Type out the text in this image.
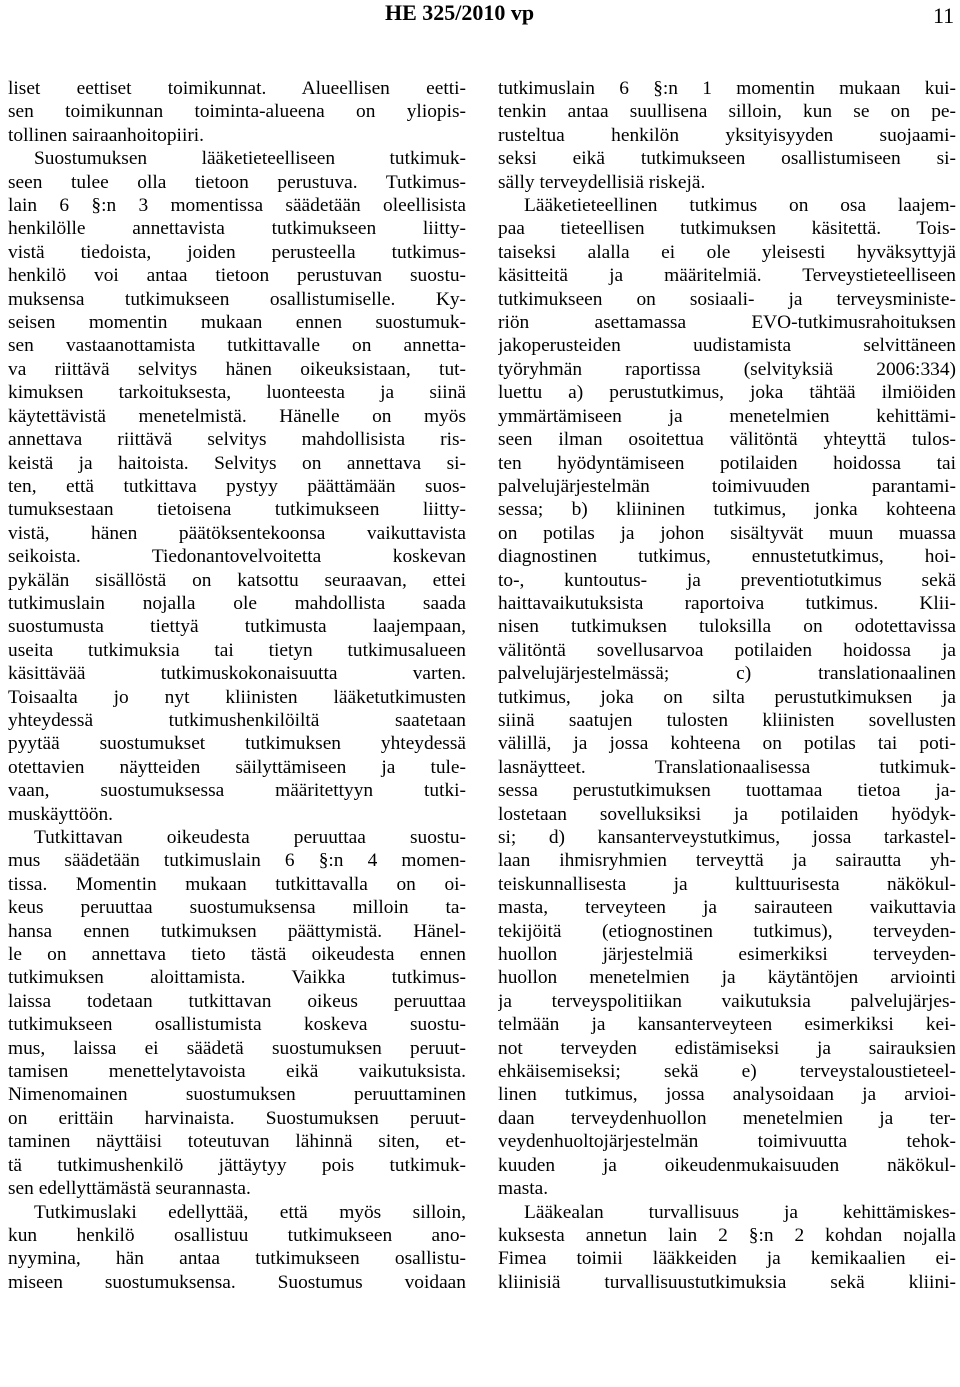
HE 325/2010 vp	11
liset eettiset toimikunnat. Alueellisen eetti-
sen toimikunnan toiminta-alueena on yliopis-
tollinen sairaanhoitopiiri.
Suostumuksen lääketieteelliseen tutkimuk-
seen tulee olla tietoon perustuva. Tutkimus-
lain 6 §:n 3 momentissa säädetään oleellisista
henkilölle annettavista tutkimukseen liitty-
vistä tiedoista, joiden perusteella tutkimus-
henkilö voi antaa tietoon perustuvan suostu-
muksensa tutkimukseen osallistumiselle. Ky-
seisen momentin mukaan ennen suostumuk-
sen vastaanottamista tutkittavalle on annetta-
va riittävä selvitys hänen oikeuksistaan, tut-
kimuksen tarkoituksesta, luonteesta ja siinä
käytettävistä menetelmistä. Hänelle on myös
annettava riittävä selvitys mahdollisista ris-
keistä ja haitoista. Selvitys on annettava si-
ten, että tutkittava pystyy päättämään suos-
tumuksestaan tietoisena tutkimukseen liitty-
vistä, hänen päätöksentekoonsa vaikuttavista
seikoista. Tiedonantovelvoitetta koskevan
pykälän sisällöstä on katsottu seuraavan, ettei
tutkimuslain nojalla ole mahdollista saada
suostumusta tiettyä tutkimusta laajempaan,
useita tutkimuksia tai tietyn tutkimusalueen
käsittävää tutkimuskokonaisuutta varten.
Toisaalta jo nyt kliinisten lääketutkimusten
yhteydessä tutkimushenkilöiltä saatetaan
pyytää suostumukset tutkimuksen yhteydessä
otettavien näytteiden säilyttämiseen ja tule-
vaan, suostumuksessa määritettyyn tutki-
muskäyttöön.
Tutkittavan oikeudesta peruuttaa suostu-
mus säädetään tutkimuslain 6 §:n 4 momen-
tissa. Momentin mukaan tutkittavalla on oi-
keus peruuttaa suostumuksensa milloin ta-
hansa ennen tutkimuksen päättymistä. Hänel-
le on annettava tieto tästä oikeudesta ennen
tutkimuksen aloittamista. Vaikka tutkimus-
laissa todetaan tutkittavan oikeus peruuttaa
tutkimukseen osallistumista koskeva suostu-
mus, laissa ei säädetä suostumuksen peruut-
tamisen menettelytavoista eikä vaikutuksista.
Nimenomainen suostumuksen peruuttaminen
on erittäin harvinaista. Suostumuksen peruut-
taminen näyttäisi toteutuvan lähinnä siten, et-
tä tutkimushenkilö jättäytyy pois tutkimuk-
sen edellyttämästä seurannasta.
Tutkimuslaki edellyttää, että myös silloin,
kun henkilö osallistuu tutkimukseen ano-
nyymina, hän antaa tutkimukseen osallistu-
miseen suostumuksensa. Suostumus voidaan
tutkimuslain 6 §:n 1 momentin mukaan kui-
tenkin antaa suullisena silloin, kun se on pe-
rusteltua henkilön yksityisyyden suojaami-
seksi eikä tutkimukseen osallistumiseen si-
sälly terveydellisiä riskejä.
Lääketieteellinen tutkimus on osa laajem-
paa tieteellisen tutkimuksen käsitettä. Tois-
taiseksi alalla ei ole yleisesti hyväksyttyjä
käsitteitä ja määritelmiä. Terveystieteelliseen
tutkimukseen on sosiaali- ja terveysministe-
riön asettamassa EVO-tutkimusrahoituksen
jakoperusteiden uudistamista selvittäneen
työryhmän raportissa (selvityksiä 2006:334)
luettu a) perustutkimus, joka tähtää ilmiöiden
ymmärtämiseen ja menetelmien kehittämi-
seen ilman osoitettua välitöntä yhteyttä tulos-
ten hyödyntämiseen potilaiden hoidossa tai
palvelujärjestelmän toimivuuden parantami-
sessa; b) kliininen tutkimus, jonka kohteena
on potilas ja johon sisältyvät muun muassa
diagnostinen tutkimus, ennustetutkimus, hoi-
to-, kuntoutus- ja preventiotutkimus sekä
haittavaikutuksista raportoiva tutkimus. Klii-
nisen tutkimuksen tuloksilla on odotettavissa
välitöntä sovellusarvoa potilaiden hoidossa ja
palvelujärjestelmässä; c) translationaalinen
tutkimus, joka on silta perustutkimuksen ja
siinä saatujen tulosten kliinisten sovellusten
välillä, ja jossa kohteena on potilas tai poti-
lasnäytteet. Translationaalisessa tutkimuk-
sessa perustutkimuksen tuottamaa tietoa ja-
lostetaan sovelluksiksi ja potilaiden hyödyk-
si; d) kansanterveystutkimus, jossa tarkastel-
laan ihmisryhmien terveyttä ja sairautta yh-
teiskunnallisesta ja kulttuurisesta näkökul-
masta, terveyteen ja sairauteen vaikuttavia
tekijöitä (etiognostinen tutkimus), terveyden-
huollon järjestelmiä esimerkiksi terveyden-
huollon menetelmien ja käytäntöjen arviointi
ja terveyspolitiikan vaikutuksia palvelujärjes-
telmään ja kansanterveyteen esimerkiksi kei-
not terveyden edistämiseksi ja sairauksien
ehkäisemiseksi; sekä e) terveystaloustieteel-
linen tutkimus, jossa analysoidaan ja arvioi-
daan terveydenhuollon menetelmien ja ter-
veydenhuoltojärjestelmän toimivuutta tehok-
kuuden ja oikeudenmukaisuuden näkökul-
masta.
Lääkealan turvallisuus ja kehittämiskes-
kuksesta annetun lain 2 §:n 2 kohdan nojalla
Fimea toimii lääkkeiden ja kemikaalien ei-
kliinisiä turvallisuustutkimuksia sekä kliini-
